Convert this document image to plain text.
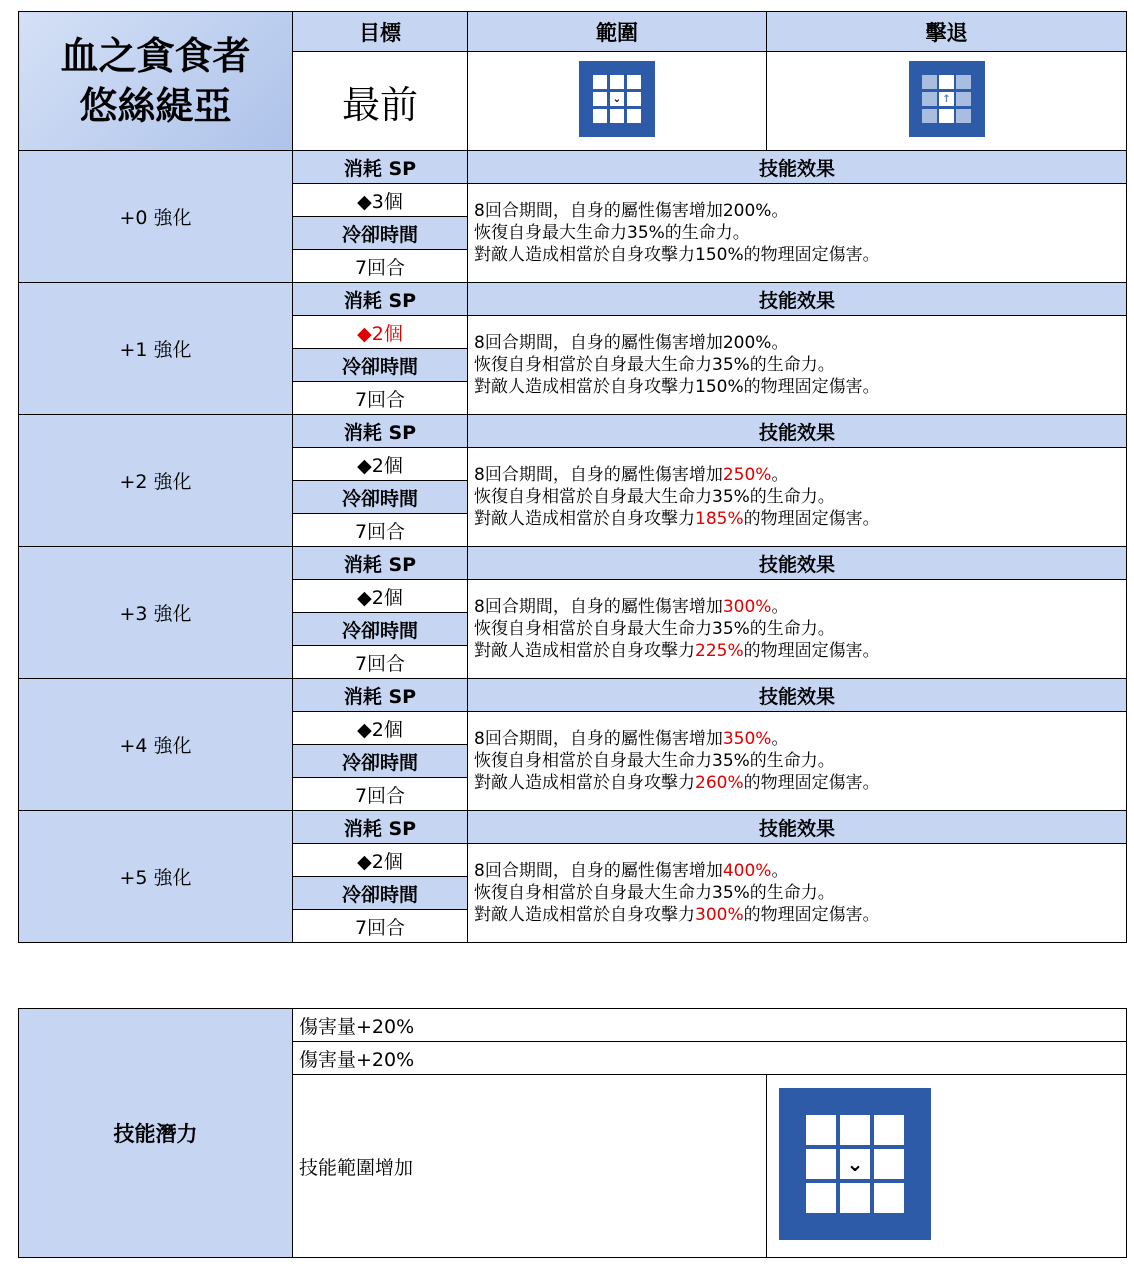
血之貪食者
悠絲緹亞	目標	範圍	擊退
	最前	⌄	↑

+0 強化	消耗 SP	技能效果	
	◆3個	8回合期間，自身的屬性傷害增加200%。
恢復自身最大生命力35%的生命力。
對敵人造成相當於自身攻擊力150%的物理固定傷害。	

	冷卻時間		
	7回合		
+1 強化	消耗 SP	技能效果	
	◆2個	8回合期間，自身的屬性傷害增加200%。
恢復自身相當於自身最大生命力35%的生命力。
對敵人造成相當於自身攻擊力150%的物理固定傷害。	

	冷卻時間		
	7回合		
+2 強化	消耗 SP	技能效果	
	◆2個	8回合期間，自身的屬性傷害增加250%。
恢復自身相當於自身最大生命力35%的生命力。
對敵人造成相當於自身攻擊力185%的物理固定傷害。	

	冷卻時間		
	7回合		
+3 強化	消耗 SP	技能效果	
	◆2個	8回合期間，自身的屬性傷害增加300%。
恢復自身相當於自身最大生命力35%的生命力。
對敵人造成相當於自身攻擊力225%的物理固定傷害。	

	冷卻時間		
	7回合		
+4 強化	消耗 SP	技能效果	
	◆2個	8回合期間，自身的屬性傷害增加350%。
恢復自身相當於自身最大生命力35%的生命力。
對敵人造成相當於自身攻擊力260%的物理固定傷害。	

	冷卻時間		
	7回合		
+5 強化	消耗 SP	技能效果	
	◆2個	8回合期間，自身的屬性傷害增加400%。
恢復自身相當於自身最大生命力35%的生命力。
對敵人造成相當於自身攻擊力300%的物理固定傷害。	

	冷卻時間		
	7回合		
技能潛力	傷害量+20%	
	傷害量+20%	
	技能範圍增加	⌄
